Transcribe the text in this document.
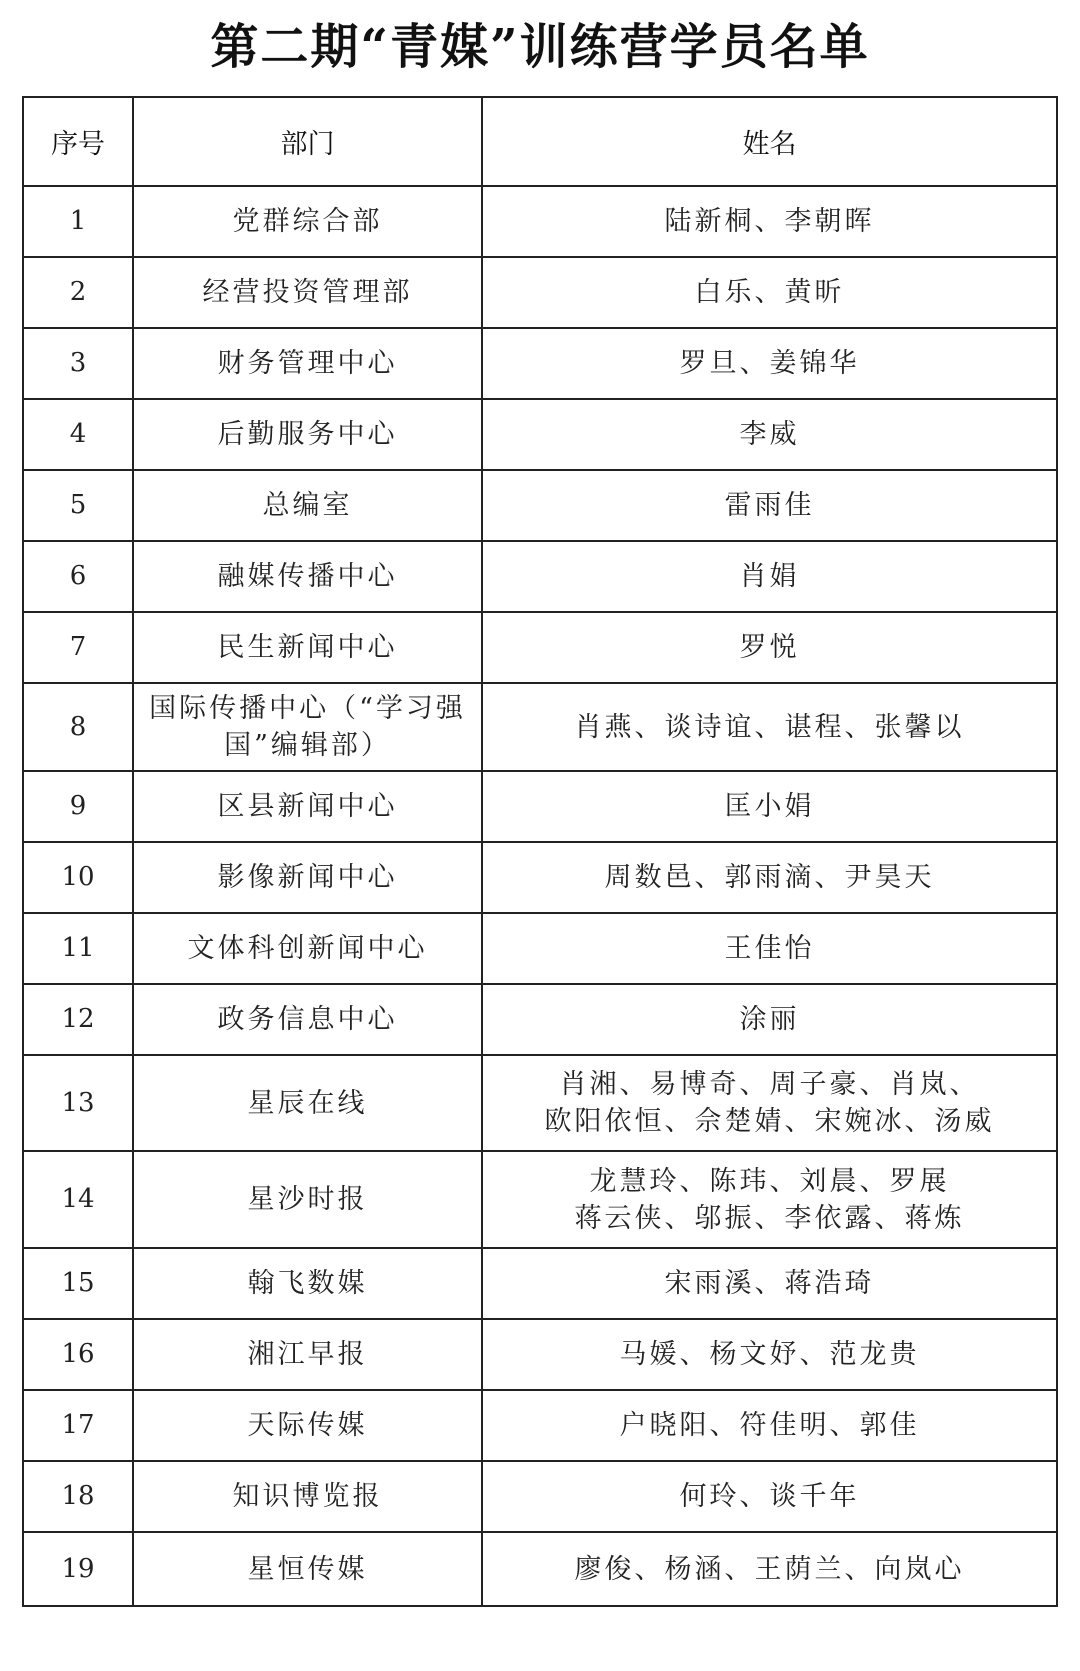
第二期“青媒”训练营学员名单
序号	部门	姓名
1	党群综合部	陆新桐、李朝晖

2	经营投资管理部	白乐、黄昕

3	财务管理中心	罗旦、姜锦华

4	后勤服务中心	李威

5	总编室	雷雨佳

6	融媒传播中心	肖娟

7	民生新闻中心	罗悦

8	国际传播中心（“学习强
国”编辑部）	肖燕、谈诗谊、谌程、张馨以

9	区县新闻中心	匡小娟

10	影像新闻中心	周数邑、郭雨滴、尹昊天

11	文体科创新闻中心	王佳怡

12	政务信息中心	涂丽

13	星辰在线	肖湘、易博奇、周子豪、肖岚、
欧阳依恒、佘楚婧、宋婉冰、汤威

14	星沙时报	龙慧玲、陈玮、刘晨、罗展
蒋云侠、邬振、李依露、蒋炼

15	翰飞数媒	宋雨溪、蒋浩琦

16	湘江早报	马媛、杨文妤、范龙贵

17	天际传媒	户晓阳、符佳明、郭佳

18	知识博览报	何玲、谈千年

19	星恒传媒	廖俊、杨涵、王荫兰、向岚心
